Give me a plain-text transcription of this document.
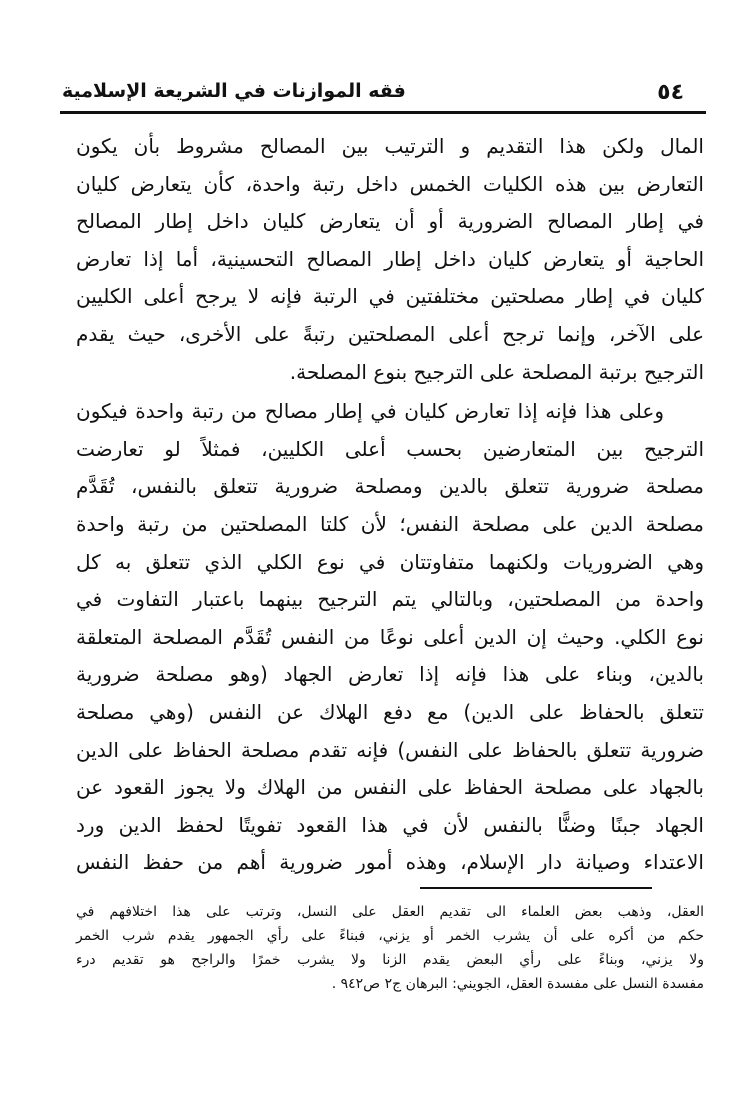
٥٤
فقه الموازنات في الشريعة الإسلامية
المال ولكن هذا التقديم و الترتيب بين المصالح مشروط بأن يكون
التعارض بين هذه الكليات الخمس داخل رتبة واحدة، كأن يتعارض كليان
في إطار المصالح الضرورية أو أن يتعارض كليان داخل إطار المصالح
الحاجية أو يتعارض كليان داخل إطار المصالح التحسينية، أما إذا تعارض
كليان في إطار مصلحتين مختلفتين في الرتبة فإنه لا يرجح أعلى الكليين
على الآخر، وإنما ترجح أعلى المصلحتين رتبةً على الأخرى، حيث يقدم
الترجيح برتبة المصلحة على الترجيح بنوع المصلحة.
وعلى هذا فإنه إذا تعارض كليان في إطار مصالح من رتبة واحدة فيكون
الترجيح بين المتعارضين بحسب أعلى الكليين، فمثلاً لو تعارضت
مصلحة ضرورية تتعلق بالدين ومصلحة ضرورية تتعلق بالنفس، تُقَدَّم
مصلحة الدين على مصلحة النفس؛ لأن كلتا المصلحتين من رتبة واحدة
وهي الضروريات ولكنهما متفاوتتان في نوع الكلي الذي تتعلق به كل
واحدة من المصلحتين، وبالتالي يتم الترجيح بينهما باعتبار التفاوت في
نوع الكلي. وحيث إن الدين أعلى نوعًا من النفس تُقَدَّم المصلحة المتعلقة
بالدين، وبناء على هذا فإنه إذا تعارض الجهاد (وهو مصلحة ضرورية
تتعلق بالحفاظ على الدين) مع دفع الهلاك عن النفس (وهي مصلحة
ضرورية تتعلق بالحفاظ على النفس) فإنه تقدم مصلحة الحفاظ على الدين
بالجهاد على مصلحة الحفاظ على النفس من الهلاك ولا يجوز القعود عن
الجهاد جبنًا وضنًّا بالنفس لأن في هذا القعود تفويتًا لحفظ الدين ورد
الاعتداء وصيانة دار الإسلام، وهذه أمور ضرورية أهم من حفظ النفس
العقل، وذهب بعض العلماء الى تقديم العقل على النسل، وترتب على هذا اختلافهم في
حكم من أكره على أن يشرب الخمر أو يزني، فبناءً على رأي الجمهور يقدم شرب الخمر
ولا يزني، وبناءً على رأي البعض يقدم الزنا ولا يشرب خمرًا والراجح هو تقديم درء
مفسدة النسل على مفسدة العقل، الجويني: البرهان ج٢ ص٩٤٢ .
